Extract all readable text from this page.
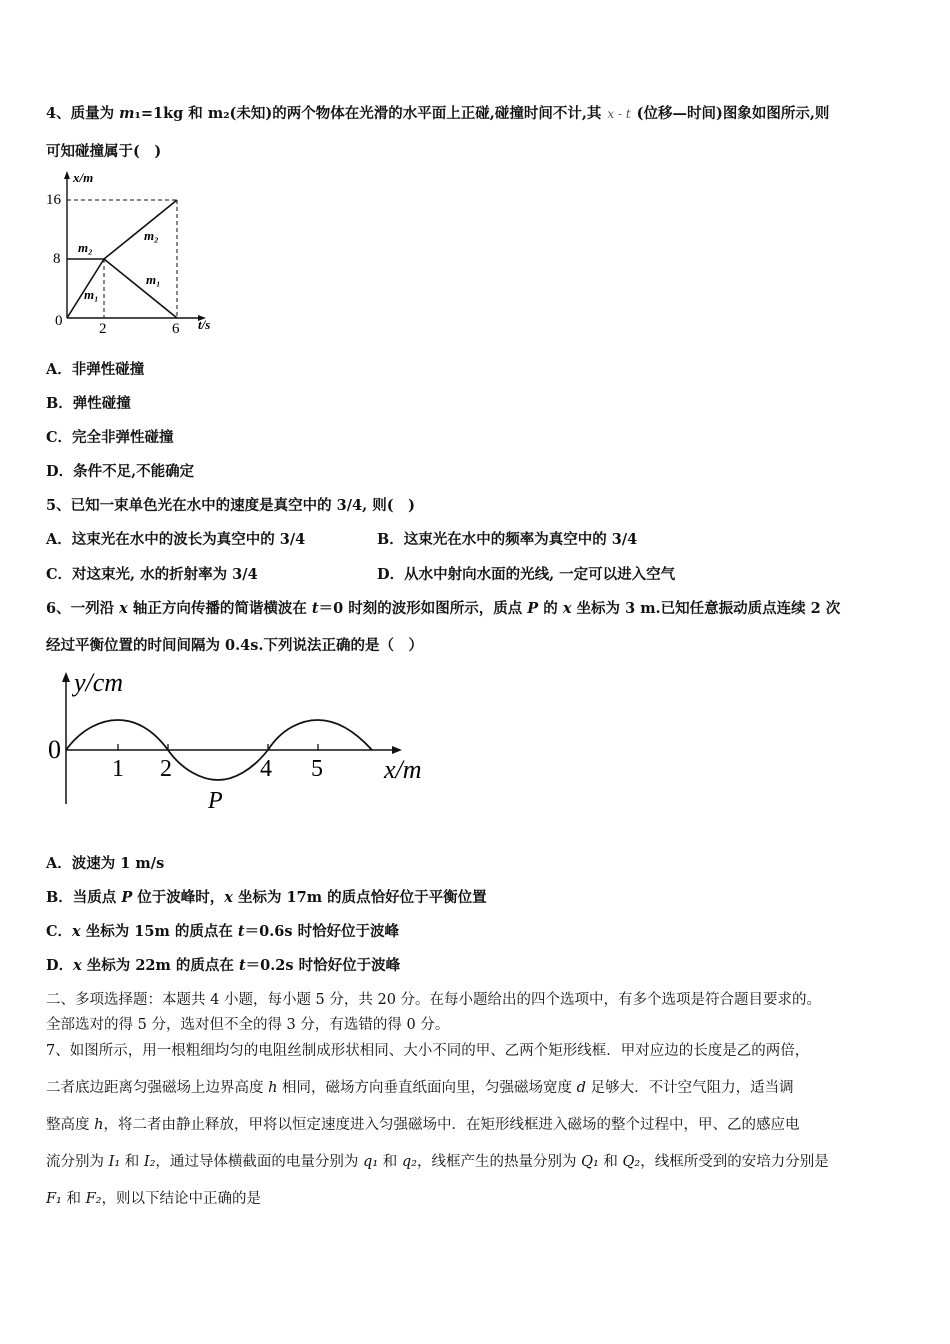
4、质量为 m₁=1kg 和 m₂(未知)的两个物体在光滑的水平面上正碰,碰撞时间不计,其 x - t (位移—时间)图象如图所示,则
可知碰撞属于(　)
16
8
0 2	6
x/m
t/s
m₂
m₂
m₁
m₁
A．非弹性碰撞
B．弹性碰撞
C．完全非弹性碰撞
D．条件不足,不能确定
5、已知一束单色光在水中的速度是真空中的 3/4, 则(　)
A．这束光在水中的波长为真空中的 3/4	B．这束光在水中的频率为真空中的 3/4
C．对这束光, 水的折射率为 3/4	D．从水中射向水面的光线, 一定可以进入空气
6、一列沿 x 轴正方向传播的简谐横波在 t＝0 时刻的波形如图所示，质点 P 的 x 坐标为 3 m.已知任意振动质点连续 2 次
经过平衡位置的时间间隔为 0.4s.下列说法正确的是（　）
0
1 2	4 5
P
y/cm
x/m
A．波速为 1 m/s
B．当质点 P 位于波峰时，x 坐标为 17m 的质点恰好位于平衡位置
C．x 坐标为 15m 的质点在 t＝0.6s 时恰好位于波峰
D．x 坐标为 22m 的质点在 t＝0.2s 时恰好位于波峰
二、多项选择题：本题共 4 小题，每小题 5 分，共 20 分。在每小题给出的四个选项中，有多个选项是符合题目要求的。
全部选对的得 5 分，选对但不全的得 3 分，有选错的得 0 分。
7、如图所示，用一根粗细均匀的电阻丝制成形状相同、大小不同的甲、乙两个矩形线框．甲对应边的长度是乙的两倍，
二者底边距离匀强磁场上边界高度 h 相同，磁场方向垂直纸面向里，匀强磁场宽度 d 足够大．不计空气阻力，适当调
整高度 h，将二者由静止释放，甲将以恒定速度进入匀强磁场中．在矩形线框进入磁场的整个过程中，甲、乙的感应电
流分别为 I₁ 和 I₂，通过导体横截面的电量分别为 q₁ 和 q₂，线框产生的热量分别为 Q₁ 和 Q₂，线框所受到的安培力分别是
F₁ 和 F₂，则以下结论中正确的是
